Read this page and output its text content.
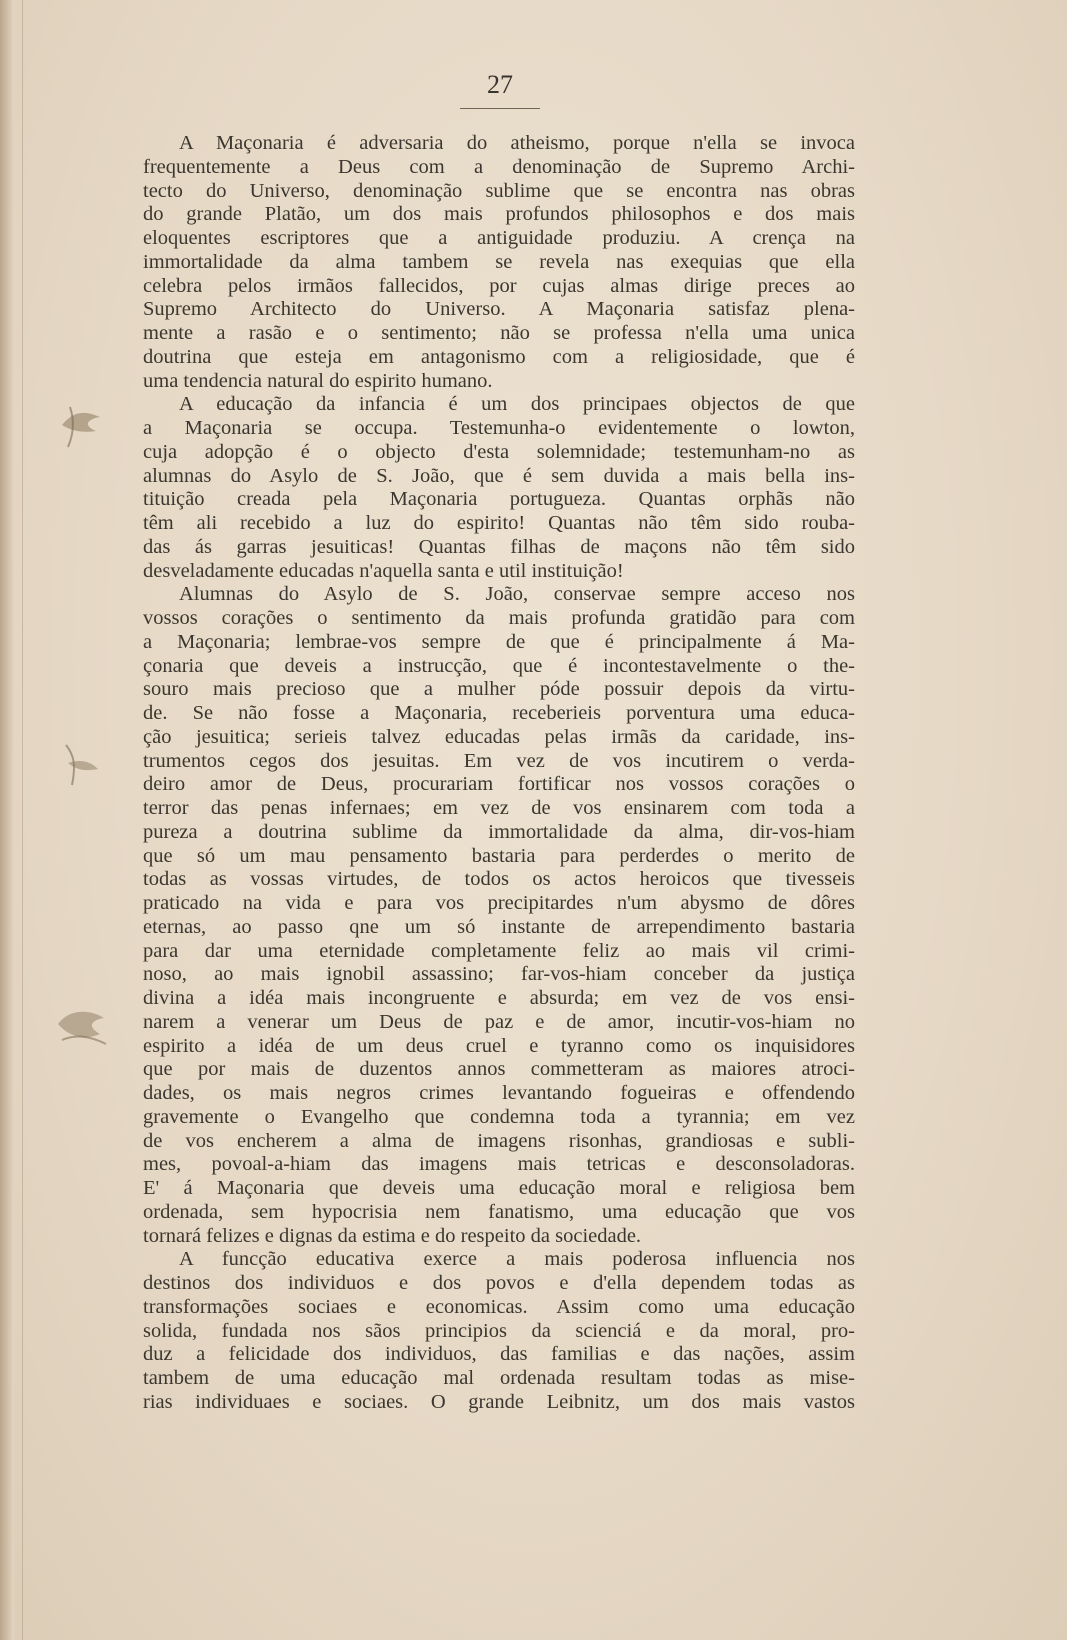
27
A Maçonaria é adversaria do atheismo, porque n'ella se invoca
frequentemente a Deus com a denominação de Supremo Archi-
tecto do Universo, denominação sublime que se encontra nas obras
do grande Platão, um dos mais profundos philosophos e dos mais
eloquentes escriptores que a antiguidade produziu. A crença na
immortalidade da alma tambem se revela nas exequias que ella
celebra pelos irmãos fallecidos, por cujas almas dirige preces ao
Supremo Architecto do Universo. A Maçonaria satisfaz plena-
mente a rasão e o sentimento; não se professa n'ella uma unica
doutrina que esteja em antagonismo com a religiosidade, que é
uma tendencia natural do espirito humano.
A educação da infancia é um dos principaes objectos de que
a Maçonaria se occupa. Testemunha-o evidentemente o lowton,
cuja adopção é o objecto d'esta solemnidade; testemunham-no as
alumnas do Asylo de S. João, que é sem duvida a mais bella ins-
tituição creada pela Maçonaria portugueza. Quantas orphãs não
têm ali recebido a luz do espirito! Quantas não têm sido rouba-
das ás garras jesuiticas! Quantas filhas de maçons não têm sido
desveladamente educadas n'aquella santa e util instituição!
Alumnas do Asylo de S. João, conservae sempre acceso nos
vossos corações o sentimento da mais profunda gratidão para com
a Maçonaria; lembrae-vos sempre de que é principalmente á Ma-
çonaria que deveis a instrucção, que é incontestavelmente o the-
souro mais precioso que a mulher póde possuir depois da virtu-
de. Se não fosse a Maçonaria, receberieis porventura uma educa-
ção jesuitica; serieis talvez educadas pelas irmãs da caridade, ins-
trumentos cegos dos jesuitas. Em vez de vos incutirem o verda-
deiro amor de Deus, procurariam fortificar nos vossos corações o
terror das penas infernaes; em vez de vos ensinarem com toda a
pureza a doutrina sublime da immortalidade da alma, dir-vos-hiam
que só um mau pensamento bastaria para perderdes o merito de
todas as vossas virtudes, de todos os actos heroicos que tivesseis
praticado na vida e para vos precipitardes n'um abysmo de dôres
eternas, ao passo qne um só instante de arrependimento bastaria
para dar uma eternidade completamente feliz ao mais vil crimi-
noso, ao mais ignobil assassino; far-vos-hiam conceber da justiça
divina a idéa mais incongruente e absurda; em vez de vos ensi-
narem a venerar um Deus de paz e de amor, incutir-vos-hiam no
espirito a idéa de um deus cruel e tyranno como os inquisidores
que por mais de duzentos annos commetteram as maiores atroci-
dades, os mais negros crimes levantando fogueiras e offendendo
gravemente o Evangelho que condemna toda a tyrannia; em vez
de vos encherem a alma de imagens risonhas, grandiosas e subli-
mes, povoal-a-hiam das imagens mais tetricas e desconsoladoras.
E' á Maçonaria que deveis uma educação moral e religiosa bem
ordenada, sem hypocrisia nem fanatismo, uma educação que vos
tornará felizes e dignas da estima e do respeito da sociedade.
A funcção educativa exerce a mais poderosa influencia nos
destinos dos individuos e dos povos e d'ella dependem todas as
transformações sociaes e economicas. Assim como uma educação
solida, fundada nos sãos principios da scienciá e da moral, pro-
duz a felicidade dos individuos, das familias e das nações, assim
tambem de uma educação mal ordenada resultam todas as mise-
rias individuaes e sociaes. O grande Leibnitz, um dos mais vastos
